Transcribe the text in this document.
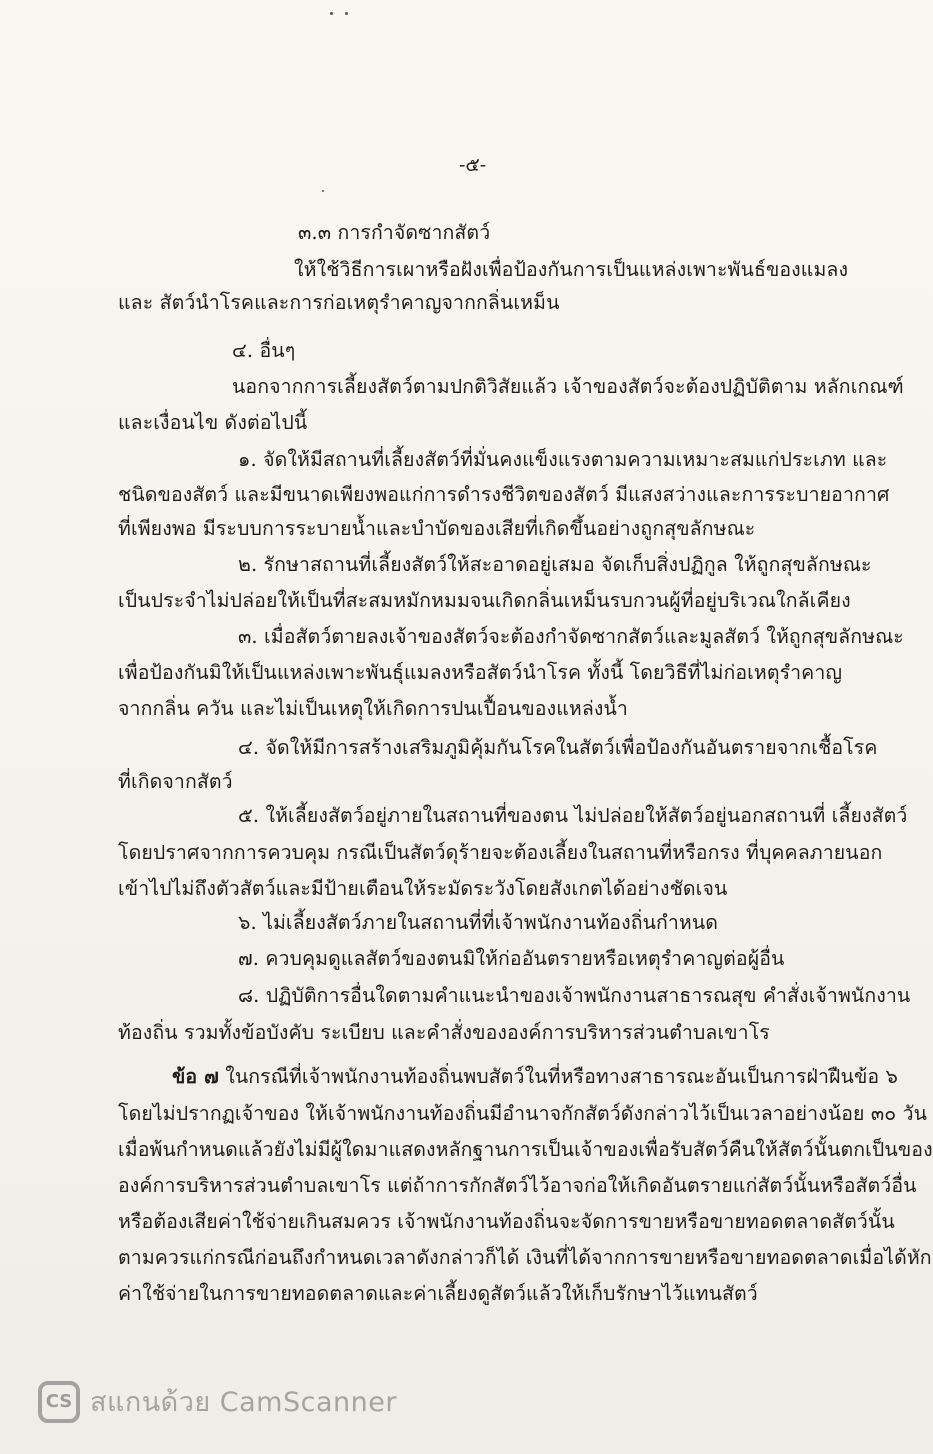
-๕-
๓.๓ การกำจัดซากสัตว์
ให้ใช้วิธีการเผาหรือฝังเพื่อป้องกันการเป็นแหล่งเพาะพันธ์ของแมลง
และ สัตว์นำโรคและการก่อเหตุรำคาญจากกลิ่นเหม็น
๔. อื่นๆ
นอกจากการเลี้ยงสัตว์ตามปกติวิสัยแล้ว เจ้าของสัตว์จะต้องปฏิบัติตาม หลักเกณฑ์
และเงื่อนไข ดังต่อไปนี้
๑. จัดให้มีสถานที่เลี้ยงสัตว์ที่มั่นคงแข็งแรงตามความเหมาะสมแก่ประเภท และ
ชนิดของสัตว์ และมีขนาดเพียงพอแก่การดำรงชีวิตของสัตว์ มีแสงสว่างและการระบายอากาศ
ที่เพียงพอ มีระบบการระบายน้ำและบำบัดของเสียที่เกิดขึ้นอย่างถูกสุขลักษณะ
๒. รักษาสถานที่เลี้ยงสัตว์ให้สะอาดอยู่เสมอ จัดเก็บสิ่งปฏิกูล ให้ถูกสุขลักษณะ
เป็นประจำไม่ปล่อยให้เป็นที่สะสมหมักหมมจนเกิดกลิ่นเหม็นรบกวนผู้ที่อยู่บริเวณใกล้เคียง
๓. เมื่อสัตว์ตายลงเจ้าของสัตว์จะต้องกำจัดซากสัตว์และมูลสัตว์ ให้ถูกสุขลักษณะ
เพื่อป้องกันมิให้เป็นแหล่งเพาะพันธุ์แมลงหรือสัตว์นำโรค ทั้งนี้ โดยวิธีที่ไม่ก่อเหตุรำคาญ
จากกลิ่น ควัน และไม่เป็นเหตุให้เกิดการปนเปื้อนของแหล่งน้ำ
๔. จัดให้มีการสร้างเสริมภูมิคุ้มกันโรคในสัตว์เพื่อป้องกันอันตรายจากเชื้อโรค
ที่เกิดจากสัตว์
๕. ให้เลี้ยงสัตว์อยู่ภายในสถานที่ของตน ไม่ปล่อยให้สัตว์อยู่นอกสถานที่ เลี้ยงสัตว์
โดยปราศจากการควบคุม กรณีเป็นสัตว์ดุร้ายจะต้องเลี้ยงในสถานที่หรือกรง ที่บุคคลภายนอก
เข้าไปไม่ถึงตัวสัตว์และมีป้ายเตือนให้ระมัดระวังโดยสังเกตได้อย่างชัดเจน
๖. ไม่เลี้ยงสัตว์ภายในสถานที่ที่เจ้าพนักงานท้องถิ่นกำหนด
๗. ควบคุมดูแลสัตว์ของตนมิให้ก่ออันตรายหรือเหตุรำคาญต่อผู้อื่น
๘. ปฏิบัติการอื่นใดตามคำแนะนำของเจ้าพนักงานสาธารณสุข คำสั่งเจ้าพนักงาน
ท้องถิ่น รวมทั้งข้อบังคับ ระเบียบ และคำสั่งขององค์การบริหารส่วนตำบลเขาโร
ข้อ ๗ ในกรณีที่เจ้าพนักงานท้องถิ่นพบสัตว์ในที่หรือทางสาธารณะอันเป็นการฝ่าฝืนข้อ ๖
โดยไม่ปรากฏเจ้าของ ให้เจ้าพนักงานท้องถิ่นมีอำนาจกักสัตว์ดังกล่าวไว้เป็นเวลาอย่างน้อย ๓๐ วัน
เมื่อพ้นกำหนดแล้วยังไม่มีผู้ใดมาแสดงหลักฐานการเป็นเจ้าของเพื่อรับสัตว์คืนให้สัตว์นั้นตกเป็นของ
องค์การบริหารส่วนตำบลเขาโร แต่ถ้าการกักสัตว์ไว้อาจก่อให้เกิดอันตรายแก่สัตว์นั้นหรือสัตว์อื่น
หรือต้องเสียค่าใช้จ่ายเกินสมควร เจ้าพนักงานท้องถิ่นจะจัดการขายหรือขายทอดตลาดสัตว์นั้น
ตามควรแก่กรณีก่อนถึงกำหนดเวลาดังกล่าวก็ได้ เงินที่ได้จากการขายหรือขายทอดตลาดเมื่อได้หัก
ค่าใช้จ่ายในการขายทอดตลาดและค่าเลี้ยงดูสัตว์แล้วให้เก็บรักษาไว้แทนสัตว์
CS สแกนด้วย CamScanner
